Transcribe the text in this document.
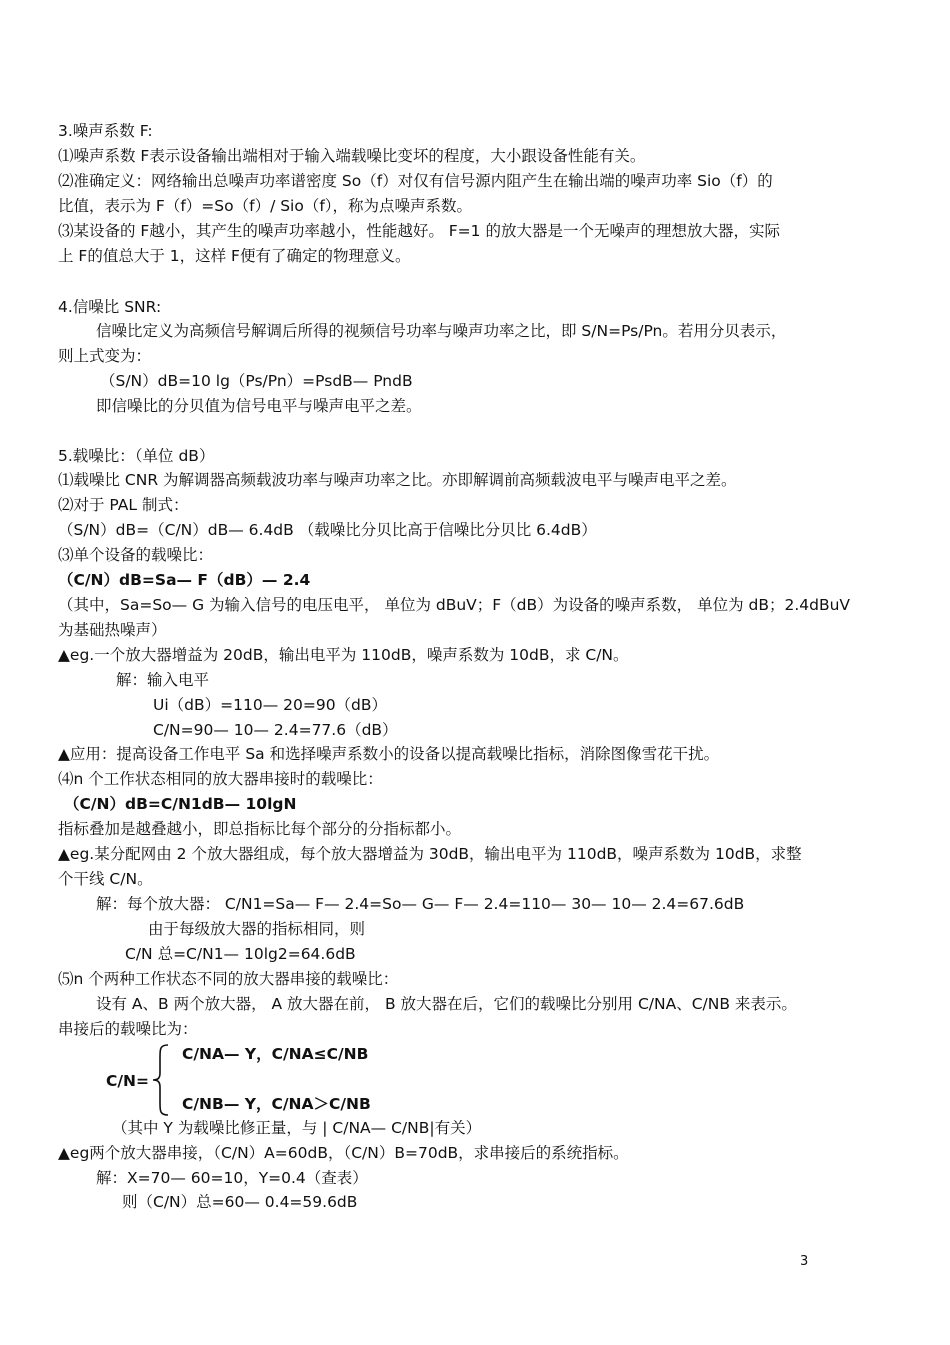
3.噪声系数 F:
⑴噪声系数 F表示设备输出端相对于输入端载噪比变坏的程度，大小跟设备性能有关。
⑵准确定义：网络输出总噪声功率谱密度 So（f）对仅有信号源内阻产生在输出端的噪声功率 Sio（f）的
比值，表示为 F（f）=So（f）/ Sio（f），称为点噪声系数。
⑶某设备的 F越小，其产生的噪声功率越小，性能越好。 F=1 的放大器是一个无噪声的理想放大器，实际
上 F的值总大于 1，这样 F便有了确定的物理意义。
4.信噪比 SNR:
信噪比定义为高频信号解调后所得的视频信号功率与噪声功率之比，即 S/N=Ps/Pn。若用分贝表示，
则上式变为：
（S/N）dB=10 lg（Ps/Pn）=PsdB— PndB
即信噪比的分贝值为信号电平与噪声电平之差。
5.载噪比：（单位 dB）
⑴载噪比 CNR 为解调器高频载波功率与噪声功率之比。亦即解调前高频载波电平与噪声电平之差。
⑵对于 PAL 制式：
（S/N）dB=（C/N）dB— 6.4dB （载噪比分贝比高于信噪比分贝比 6.4dB）
⑶单个设备的载噪比：
（C/N）dB=Sa— F（dB）— 2.4
（其中，Sa=So— G 为输入信号的电压电平， 单位为 dBuV；F（dB）为设备的噪声系数， 单位为 dB；2.4dBuV
为基础热噪声）
▲eg.一个放大器增益为 20dB，输出电平为 110dB，噪声系数为 10dB，求 C/N。
解：输入电平
Ui（dB）=110— 20=90（dB）
C/N=90— 10— 2.4=77.6（dB）
▲应用：提高设备工作电平 Sa 和选择噪声系数小的设备以提高载噪比指标，消除图像雪花干扰。
⑷n 个工作状态相同的放大器串接时的载噪比：
（C/N）dB=C/N1dB— 10lgN
指标叠加是越叠越小，即总指标比每个部分的分指标都小。
▲eg.某分配网由 2 个放大器组成，每个放大器增益为 30dB，输出电平为 110dB，噪声系数为 10dB，求整
个干线 C/N。
解：每个放大器： C/N1=Sa— F— 2.4=So— G— F— 2.4=110— 30— 10— 2.4=67.6dB
由于每级放大器的指标相同，则
C/N 总=C/N1— 10lg2=64.6dB
⑸n 个两种工作状态不同的放大器串接的载噪比：
设有 A、B 两个放大器， A 放大器在前， B 放大器在后，它们的载噪比分别用 C/NA、C/NB 来表示。
串接后的载噪比为：
C/N=
C/NA— Y，C/NA≤C/NB
C/NB— Y，C/NA＞C/NB
（其中 Y 为载噪比修正量，与 | C/NA— C/NB|有关）
▲eg两个放大器串接，（C/N）A=60dB，（C/N）B=70dB，求串接后的系统指标。
解：X=70— 60=10，Y=0.4（查表）
则（C/N）总=60— 0.4=59.6dB
3
